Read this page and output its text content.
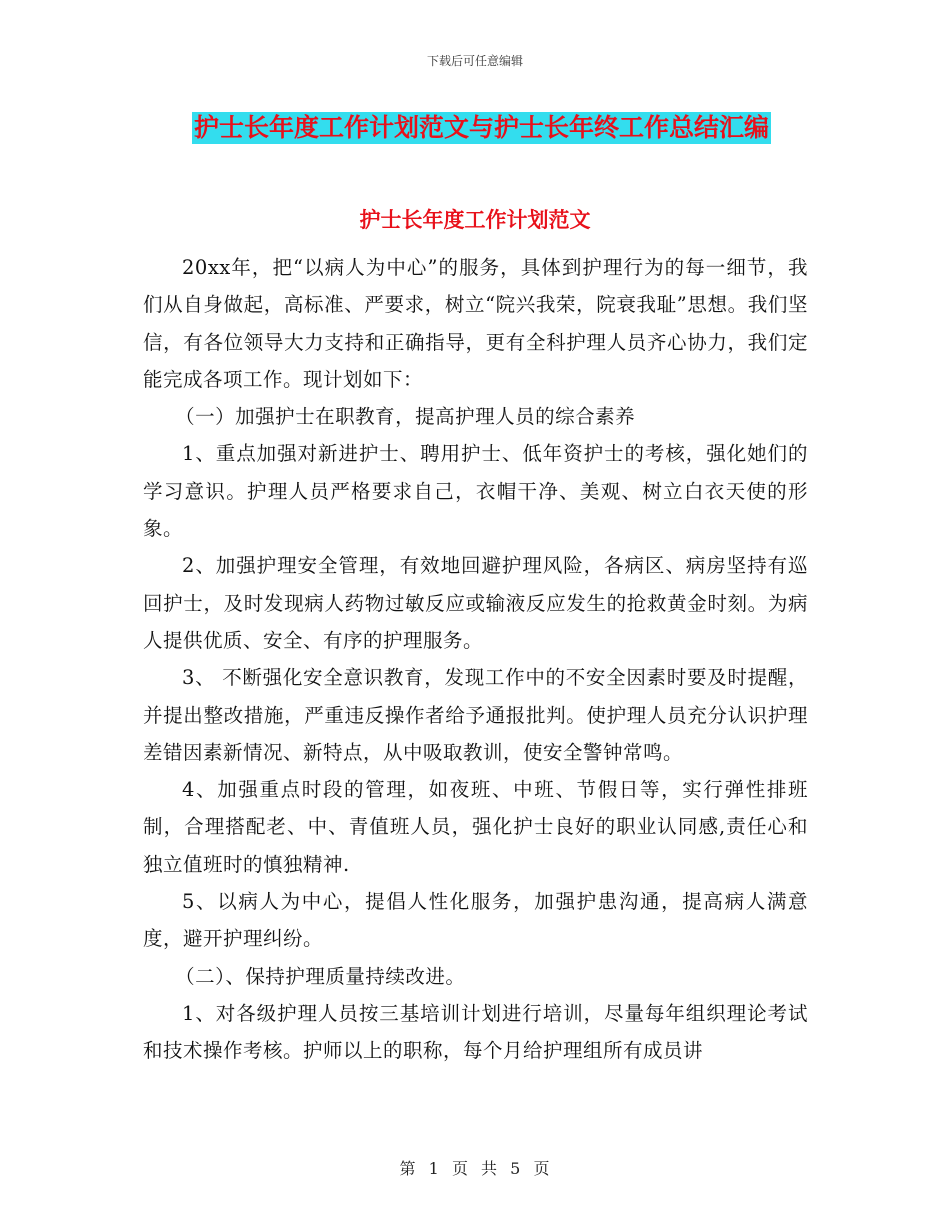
下载后可任意编辑
护士长年度工作计划范文与护士长年终工作总结汇编
护士长年度工作计划范文

20xx年，把“以病人为中心”的服务，具体到护理行为的每一细节，我们从自身做起，高标准、严要求，树立“院兴我荣，院衰我耻”思想。我们坚信，有各位领导大力支持和正确指导，更有全科护理人员齐心协力，我们定能完成各项工作。现计划如下：

（一）加强护士在职教育，提高护理人员的综合素养

1、重点加强对新进护士、聘用护士、低年资护士的考核，强化她们的学习意识。护理人员严格要求自己，衣帽干净、美观、树立白衣天使的形象。

2、加强护理安全管理，有效地回避护理风险，各病区、病房坚持有巡回护士，及时发现病人药物过敏反应或输液反应发生的抢救黄金时刻。为病人提供优质、安全、有序的护理服务。

3、 不断强化安全意识教育，发现工作中的不安全因素时要及时提醒，并提出整改措施，严重违反操作者给予通报批判。使护理人员充分认识护理差错因素新情况、新特点，从中吸取教训，使安全警钟常鸣。

4、加强重点时段的管理，如夜班、中班、节假日等，实行弹性排班制，合理搭配老、中、青值班人员，强化护士良好的职业认同感,责任心和独立值班时的慎独精神.

5、以病人为中心，提倡人性化服务，加强护患沟通，提高病人满意度，避开护理纠纷。

（二）、保持护理质量持续改进。

1、对各级护理人员按三基培训计划进行培训，尽量每年组织理论考试和技术操作考核。护师以上的职称，每个月给护理组所有成员讲

第 1 页 共 5 页
